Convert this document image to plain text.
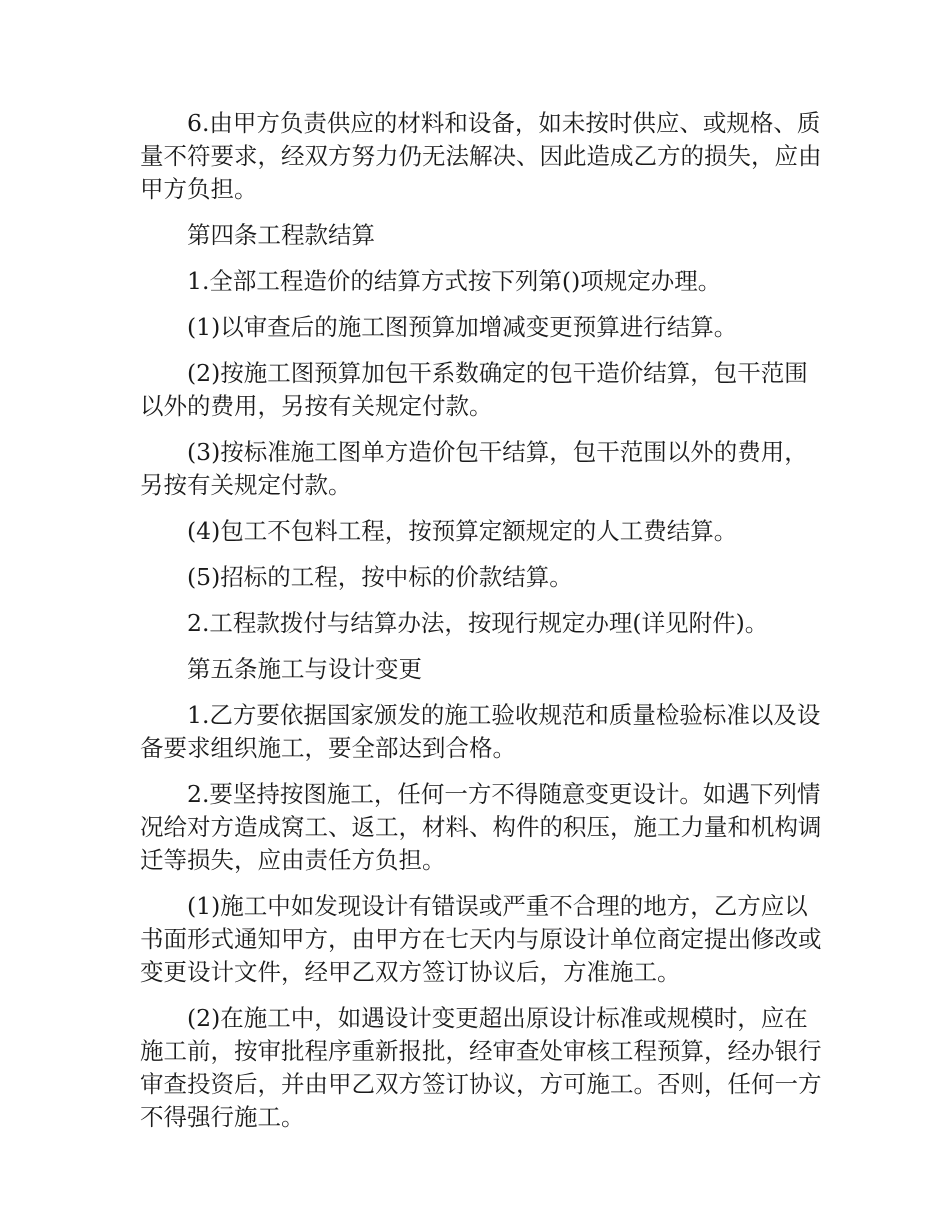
6.由甲方负责供应的材料和设备，如未按时供应、或规格、质量不符要求，经双方努力仍无法解决、因此造成乙方的损失，应由甲方负担。

第四条工程款结算

1.全部工程造价的结算方式按下列第()项规定办理。

(1)以审查后的施工图预算加增减变更预算进行结算。

(2)按施工图预算加包干系数确定的包干造价结算，包干范围以外的费用，另按有关规定付款。

(3)按标准施工图单方造价包干结算，包干范围以外的费用，另按有关规定付款。

(4)包工不包料工程，按预算定额规定的人工费结算。

(5)招标的工程，按中标的价款结算。

2.工程款拨付与结算办法，按现行规定办理(详见附件)。

第五条施工与设计变更

1.乙方要依据国家颁发的施工验收规范和质量检验标准以及设备要求组织施工，要全部达到合格。

2.要坚持按图施工，任何一方不得随意变更设计。如遇下列情况给对方造成窝工、返工，材料、构件的积压，施工力量和机构调迁等损失，应由责任方负担。

(1)施工中如发现设计有错误或严重不合理的地方，乙方应以书面形式通知甲方，由甲方在七天内与原设计单位商定提出修改或变更设计文件，经甲乙双方签订协议后，方准施工。

(2)在施工中，如遇设计变更超出原设计标准或规模时，应在施工前，按审批程序重新报批，经审查处审核工程预算，经办银行审查投资后，并由甲乙双方签订协议，方可施工。否则，任何一方不得强行施工。
